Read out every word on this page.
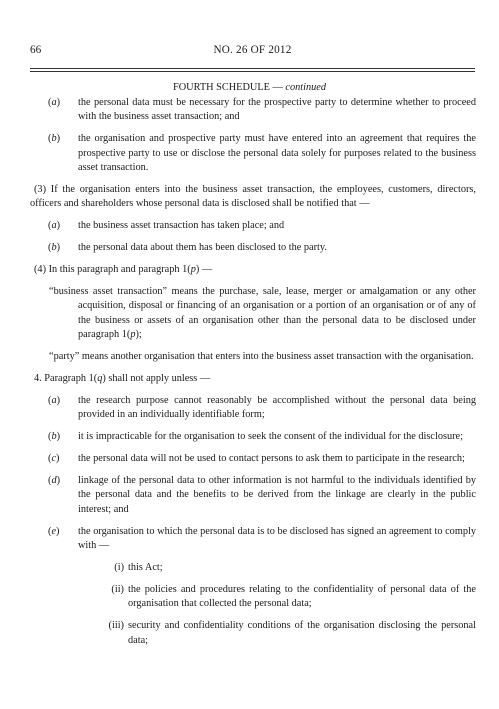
66	NO. 26 OF 2012
FOURTH SCHEDULE — continued
(a) the personal data must be necessary for the prospective party to determine whether to proceed with the business asset transaction; and
(b) the organisation and prospective party must have entered into an agreement that requires the prospective party to use or disclose the personal data solely for purposes related to the business asset transaction.
(3) If the organisation enters into the business asset transaction, the employees, customers, directors, officers and shareholders whose personal data is disclosed shall be notified that —
(a) the business asset transaction has taken place; and
(b) the personal data about them has been disclosed to the party.
(4) In this paragraph and paragraph 1(p) —
“business asset transaction” means the purchase, sale, lease, merger or amalgamation or any other acquisition, disposal or financing of an organisation or a portion of an organisation or of any of the business or assets of an organisation other than the personal data to be disclosed under paragraph 1(p);
“party” means another organisation that enters into the business asset transaction with the organisation.
4. Paragraph 1(q) shall not apply unless —
(a) the research purpose cannot reasonably be accomplished without the personal data being provided in an individually identifiable form;
(b) it is impracticable for the organisation to seek the consent of the individual for the disclosure;
(c) the personal data will not be used to contact persons to ask them to participate in the research;
(d) linkage of the personal data to other information is not harmful to the individuals identified by the personal data and the benefits to be derived from the linkage are clearly in the public interest; and
(e) the organisation to which the personal data is to be disclosed has signed an agreement to comply with —
(i) this Act;
(ii) the policies and procedures relating to the confidentiality of personal data of the organisation that collected the personal data;
(iii) security and confidentiality conditions of the organisation disclosing the personal data;
